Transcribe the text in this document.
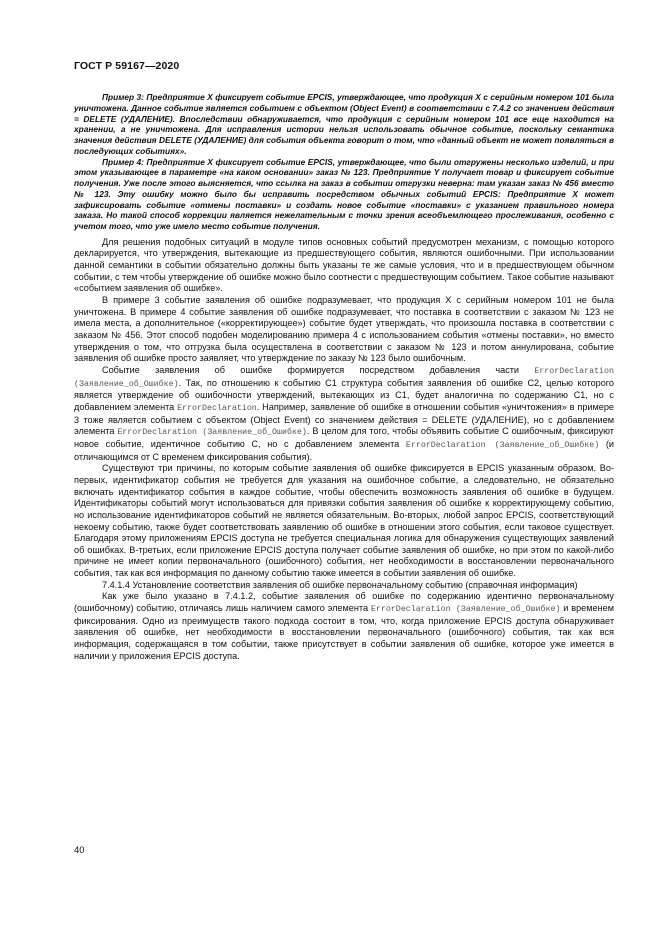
ГОСТ Р 59167—2020

Пример 3: Предприятие X фиксирует событие EPCIS, утверждающее, что продукция X с серийным номером 101 была уничтожена. Данное событие является событием с объектом (Object Event) в соответствии с 7.4.2 со значением действия = DELETE (УДАЛЕНИЕ). Впоследствии обнаруживается, что продукция с серийным номером 101 все еще находится на хранении, а не уничтожена. Для исправления истории нельзя использовать обычное событие, поскольку семантика значения действия DELETE (УДАЛЕНИЕ) для события объекта говорит о том, что «данный объект не может появляться в последующих событиях».

Пример 4: Предприятие X фиксирует событие EPCIS, утверждающее, что были отгружены несколько изделий, и при этом указывающее в параметре «на каком основании» заказ № 123. Предприятие Y получает товар и фиксирует событие получения. Уже после этого выясняется, что ссылка на заказ в событии отгрузки неверна: там указан заказ № 456 вместо № 123. Эту ошибку можно было бы исправить посредством обычных событий EPCIS: Предприятие X может зафиксировать событие «отмены поставки» и создать новое событие «поставки» с указанием правильного номера заказа. Но такой способ коррекции является нежелательным с точки зрения всеобъемлющего прослеживания, особенно с учетом того, что уже имело место событие получения.

Для решения подобных ситуаций в модуле типов основных событий предусмотрен механизм, с помощью которого декларируется, что утверждения, вытекающие из предшествующего события, являются ошибочными. При использовании данной семантики в событии обязательно должны быть указаны те же самые условия, что и в предшествующем обычном событии, с тем чтобы утверждение об ошибке можно было соотнести с предшествующим событием. Такое событие называют «событием заявления об ошибке».

В примере 3 событие заявления об ошибке подразумевает, что продукция X с серийным номером 101 не была уничтожена. В примере 4 событие заявления об ошибке подразумевает, что поставка в соответствии с заказом № 123 не имела места, а дополнительное («корректирующее») событие будет утверждать, что произошла поставка в соответствии с заказом № 456. Этот способ подобен моделированию примера 4 с использованием события «отмены поставки», но вместо утверждения о том, что отгрузка была осуществлена в соответствии с заказом № 123 и потом аннулирована, событие заявления об ошибке просто заявляет, что утверждение по заказу № 123 было ошибочным.

Событие заявления об ошибке формируется посредством добавления части ErrorDeclaration (Заявление_об_Ошибке). Так, по отношению к событию C1 структура события заявления об ошибке C2, целью которого является утверждение об ошибочности утверждений, вытекающих из C1, будет аналогична по содержанию C1, но с добавлением элемента ErrorDeclaration. Например, заявление об ошибке в отношении события «уничтожения» в примере 3 тоже является событием с объектом (Object Event) со значением действия = DELETE (УДАЛЕНИЕ), но с добавлением элемента ErrorDeclaration (Заявление_об_Ошибке). В целом для того, чтобы объявить событие C ошибочным, фиксируют новое событие, идентичное событию C, но с добавлением элемента ErrorDeclaration (Заявление_об_Ошибке) (и отличающимся от C временем фиксирования события).

Существуют три причины, по которым событие заявления об ошибке фиксируется в EPCIS указанным образом. Во-первых, идентификатор события не требуется для указания на ошибочное событие, а следовательно, не обязательно включать идентификатор события в каждое событие, чтобы обеспечить возможность заявления об ошибке в будущем. Идентификаторы событий могут использоваться для привязки события заявления об ошибке к корректирующему событию, но использование идентификаторов событий не является обязательным. Во-вторых, любой запрос EPCIS, соответствующий некоему событию, также будет соответствовать заявлению об ошибке в отношении этого события, если таковое существует. Благодаря этому приложениям EPCIS доступа не требуется специальная логика для обнаружения существующих заявлений об ошибках. В-третьих, если приложение EPCIS доступа получает событие заявления об ошибке, но при этом по какой-либо причине не имеет копии первоначального (ошибочного) события, нет необходимости в восстановлении первоначального события, так как вся информация по данному событию также имеется в событии заявления об ошибке.

7.4.1.4 Установление соответствия заявления об ошибке первоначальному событию (справочная информация)

Как уже было указано в 7.4.1.2, событие заявления об ошибке по содержанию идентично первоначальному (ошибочному) событию, отличаясь лишь наличием самого элемента ErrorDeclaration (Заявление_об_Ошибке) и временем фиксирования. Одно из преимуществ такого подхода состоит в том, что, когда приложение EPCIS доступа обнаруживает заявления об ошибке, нет необходимости в восстановлении первоначального (ошибочного) события, так как вся информация, содержащаяся в том событии, также присутствует в событии заявления об ошибке, которое уже имеется в наличии у приложения EPCIS доступа.

40
